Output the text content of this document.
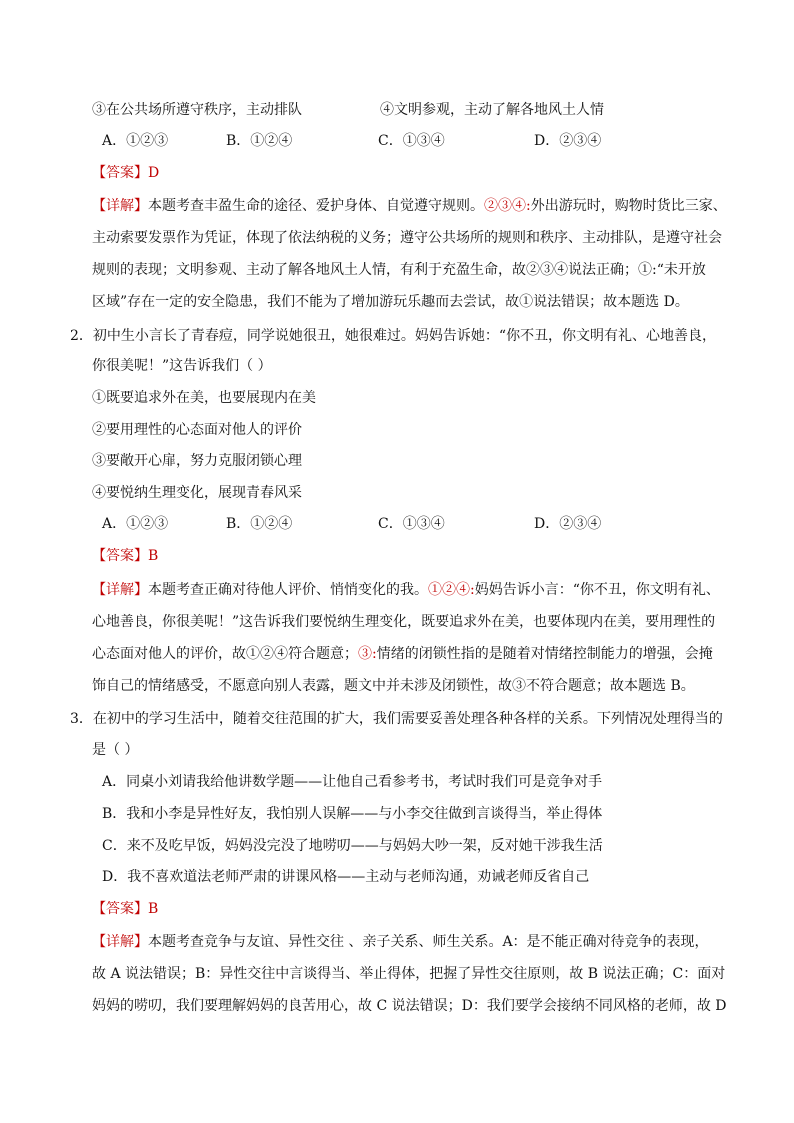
③在公共场所遵守秩序，主动排队	④文明参观，主动了解各地风土人情
A．①②③	B．①②④	C．①③④	D．②③④
【答案】D
【详解】本题考查丰盈生命的途径、爱护身体、自觉遵守规则。②③④:外出游玩时，购物时货比三家、
主动索要发票作为凭证，体现了依法纳税的义务；遵守公共场所的规则和秩序、主动排队，是遵守社会
规则的表现；文明参观、主动了解各地风土人情，有利于充盈生命，故②③④说法正确；①:“未开放
区域”存在一定的安全隐患，我们不能为了增加游玩乐趣而去尝试，故①说法错误；故本题选 D。
2．初中生小言长了青春痘，同学说她很丑，她很难过。妈妈告诉她：“你不丑，你文明有礼、心地善良，
你很美呢！”这告诉我们（ ）
①既要追求外在美，也要展现内在美
②要用理性的心态面对他人的评价
③要敞开心扉，努力克服闭锁心理
④要悦纳生理变化，展现青春风采
A．①②③	B．①②④	C．①③④	D．②③④
【答案】B
【详解】本题考查正确对待他人评价、悄悄变化的我。①②④:妈妈告诉小言：“你不丑，你文明有礼、
心地善良，你很美呢！”这告诉我们要悦纳生理变化，既要追求外在美，也要体现内在美，要用理性的
心态面对他人的评价，故①②④符合题意；③:情绪的闭锁性指的是随着对情绪控制能力的增强，会掩
饰自己的情绪感受，不愿意向别人表露，题文中并未涉及闭锁性，故③不符合题意；故本题选 B。
3．在初中的学习生活中，随着交往范围的扩大，我们需要妥善处理各种各样的关系。下列情况处理得当的
是（ ）
A．同桌小刘请我给他讲数学题——让他自己看参考书，考试时我们可是竞争对手
B．我和小李是异性好友，我怕别人误解——与小李交往做到言谈得当，举止得体
C．来不及吃早饭，妈妈没完没了地唠叨——与妈妈大吵一架，反对她干涉我生活
D．我不喜欢道法老师严肃的讲课风格——主动与老师沟通，劝诫老师反省自己
【答案】B
【详解】本题考查竞争与友谊、异性交往 、亲子关系、师生关系。A：是不能正确对待竞争的表现，
故 A 说法错误；B：异性交往中言谈得当、举止得体，把握了异性交往原则，故 B 说法正确；C：面对
妈妈的唠叨，我们要理解妈妈的良苦用心，故 C 说法错误；D：我们要学会接纳不同风格的老师，故 D
